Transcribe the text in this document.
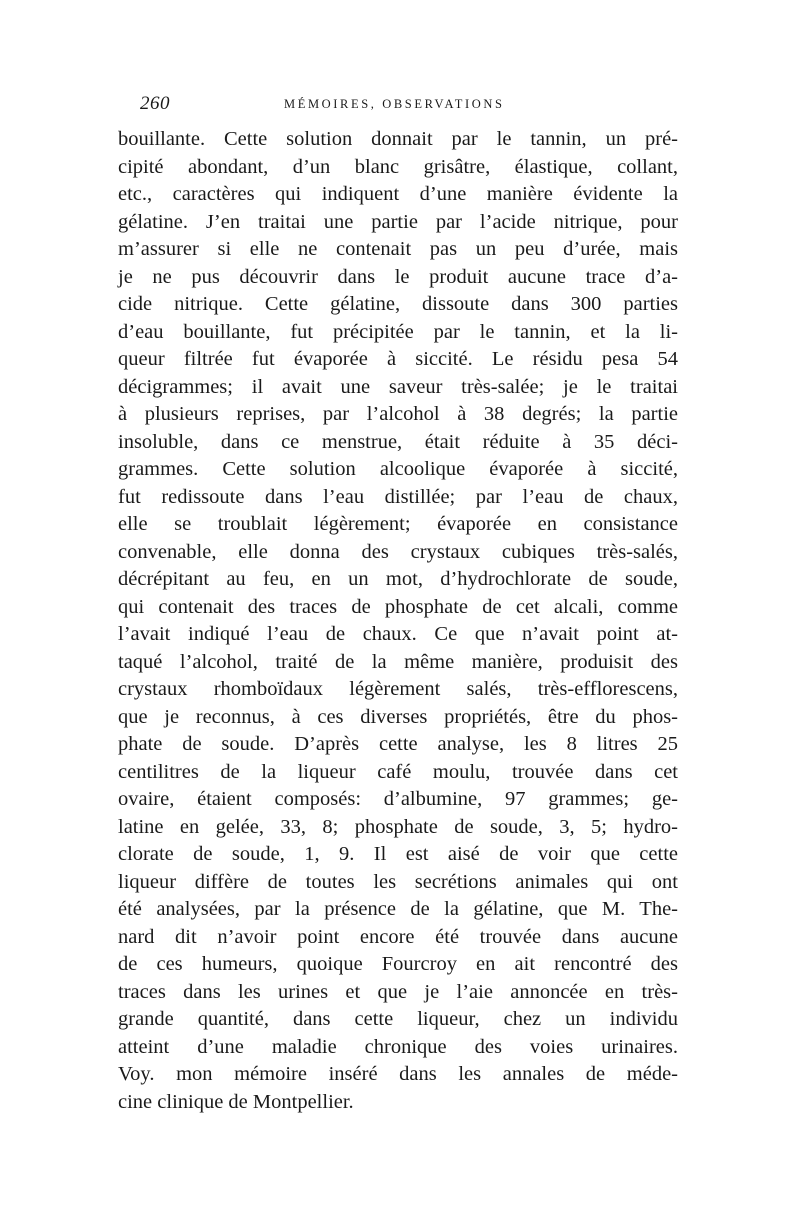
260	MÉMOIRES, OBSERVATIONS
bouillante. Cette solution donnait par le tannin, un pré-
cipité abondant, d’un blanc grisâtre, élastique, collant,
etc., caractères qui indiquent d’une manière évidente la
gélatine. J’en traitai une partie par l’acide nitrique, pour
m’assurer si elle ne contenait pas un peu d’urée, mais
je ne pus découvrir dans le produit aucune trace d’a-
cide nitrique. Cette gélatine, dissoute dans 300 parties
d’eau bouillante, fut précipitée par le tannin, et la li-
queur filtrée fut évaporée à siccité. Le résidu pesa 54
décigrammes; il avait une saveur très-salée; je le traitai
à plusieurs reprises, par l’alcohol à 38 degrés; la partie
insoluble, dans ce menstrue, était réduite à 35 déci-
grammes. Cette solution alcoolique évaporée à siccité,
fut redissoute dans l’eau distillée; par l’eau de chaux,
elle se troublait légèrement; évaporée en consistance
convenable, elle donna des crystaux cubiques très-salés,
décrépitant au feu, en un mot, d’hydrochlorate de soude,
qui contenait des traces de phosphate de cet alcali, comme
l’avait indiqué l’eau de chaux. Ce que n’avait point at-
taqué l’alcohol, traité de la même manière, produisit des
crystaux rhomboïdaux légèrement salés, très-efflorescens,
que je reconnus, à ces diverses propriétés, être du phos-
phate de soude. D’après cette analyse, les 8 litres 25
centilitres de la liqueur café moulu, trouvée dans cet
ovaire, étaient composés: d’albumine, 97 grammes; ge-
latine en gelée, 33, 8; phosphate de soude, 3, 5; hydro-
clorate de soude, 1, 9. Il est aisé de voir que cette
liqueur diffère de toutes les secrétions animales qui ont
été analysées, par la présence de la gélatine, que M. The-
nard dit n’avoir point encore été trouvée dans aucune
de ces humeurs, quoique Fourcroy en ait rencontré des
traces dans les urines et que je l’aie annoncée en très-
grande quantité, dans cette liqueur, chez un individu
atteint d’une maladie chronique des voies urinaires.
Voy. mon mémoire inséré dans les annales de méde-
cine clinique de Montpellier.
